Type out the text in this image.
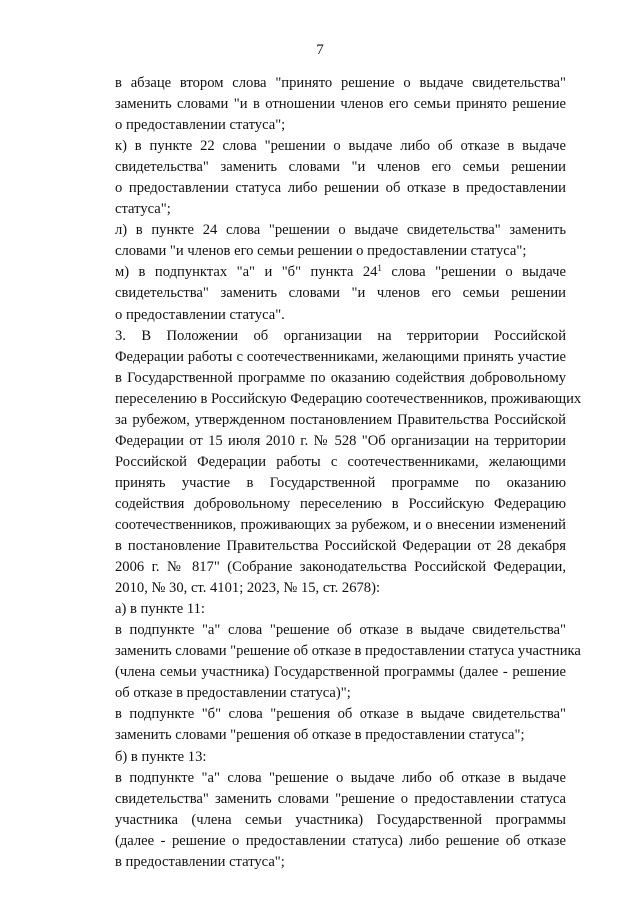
7

в абзаце втором слова "принято решение о выдаче свидетельства"
заменить словами "и в отношении членов его семьи принято решение
о предоставлении статуса";

к) в пункте 22 слова "решении о выдаче либо об отказе в выдаче
свидетельства" заменить словами "и членов его семьи решении
о предоставлении статуса либо решении об отказе в предоставлении
статуса";

л) в пункте 24 слова "решении о выдаче свидетельства" заменить
словами "и членов его семьи решении о предоставлении статуса";

м) в подпунктах "а" и "б" пункта $24^1$ слова "решении о выдаче
свидетельства" заменить словами "и членов его семьи решении
о предоставлении статуса".

3. В Положении об организации на территории Российской
Федерации работы с соотечественниками, желающими принять участие
в Государственной программе по оказанию содействия добровольному
переселению в Российскую Федерацию соотечественников, проживающих
за рубежом, утвержденном постановлением Правительства Российской
Федерации от 15 июля 2010 г. № 528 "Об организации на территории
Российской Федерации работы с соотечественниками, желающими
принять участие в Государственной программе по оказанию
содействия добровольному переселению в Российскую Федерацию
соотечественников, проживающих за рубежом, и о внесении изменений
в постановление Правительства Российской Федерации от 28 декабря
2006 г. № 817" (Собрание законодательства Российской Федерации,
2010, № 30, ст. 4101; 2023, № 15, ст. 2678):

а) в пункте 11:

в подпункте "а" слова "решение об отказе в выдаче свидетельства"
заменить словами "решение об отказе в предоставлении статуса участника
(члена семьи участника) Государственной программы (далее - решение
об отказе в предоставлении статуса)";

в подпункте "б" слова "решения об отказе в выдаче свидетельства"
заменить словами "решения об отказе в предоставлении статуса";

б) в пункте 13:

в подпункте "а" слова "решение о выдаче либо об отказе в выдаче
свидетельства" заменить словами "решение о предоставлении статуса
участника (члена семьи участника) Государственной программы
(далее - решение о предоставлении статуса) либо решение об отказе
в предоставлении статуса";
